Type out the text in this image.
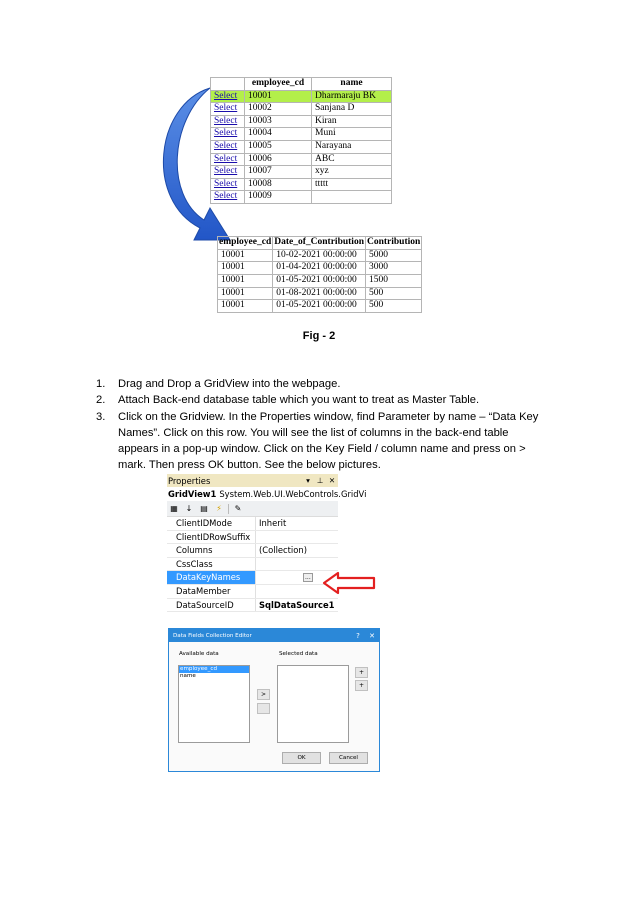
	employee_cd	name
Select	10001	Dharmaraju BK
Select	10002	Sanjana D
Select	10003	Kiran
Select	10004	Muni
Select	10005	Narayana
Select	10006	ABC
Select	10007	xyz
Select	10008	ttttt
Select	10009	
employee_cd	Date_of_Contribution	Contribution
10001	10-02-2021 00:00:00	5000
10001	01-04-2021 00:00:00	3000
10001	01-05-2021 00:00:00	1500
10001	01-08-2021 00:00:00	500
10001	01-05-2021 00:00:00	500
Fig - 2
1. Drag and Drop a GridView into the webpage.
2. Attach Back-end database table which you want to treat as Master Table.
3. Click on the Gridview. In the Properties window, find Parameter by name – “Data Key Names”. Click on this row. You will see the list of columns in the back-end table appears in a pop-up window. Click on the Key Field / column name and press on > mark. Then press OK button. See the below pictures.
Properties	▾ ⊥ ✕
GridView1 System.Web.UI.WebControls.GridVi
▦ ↓ ▤	⚡	✎
ClientIDMode	Inherit
ClientIDRowSuffix
Columns	(Collection)
CssClass
DataKeyNames	...
DataMember
DataSourceID	SqlDataSource1
Data Fields Collection Editor	?	✕
Available data
employee_cd
name
>
Selected data
+
+
OK	Cancel
